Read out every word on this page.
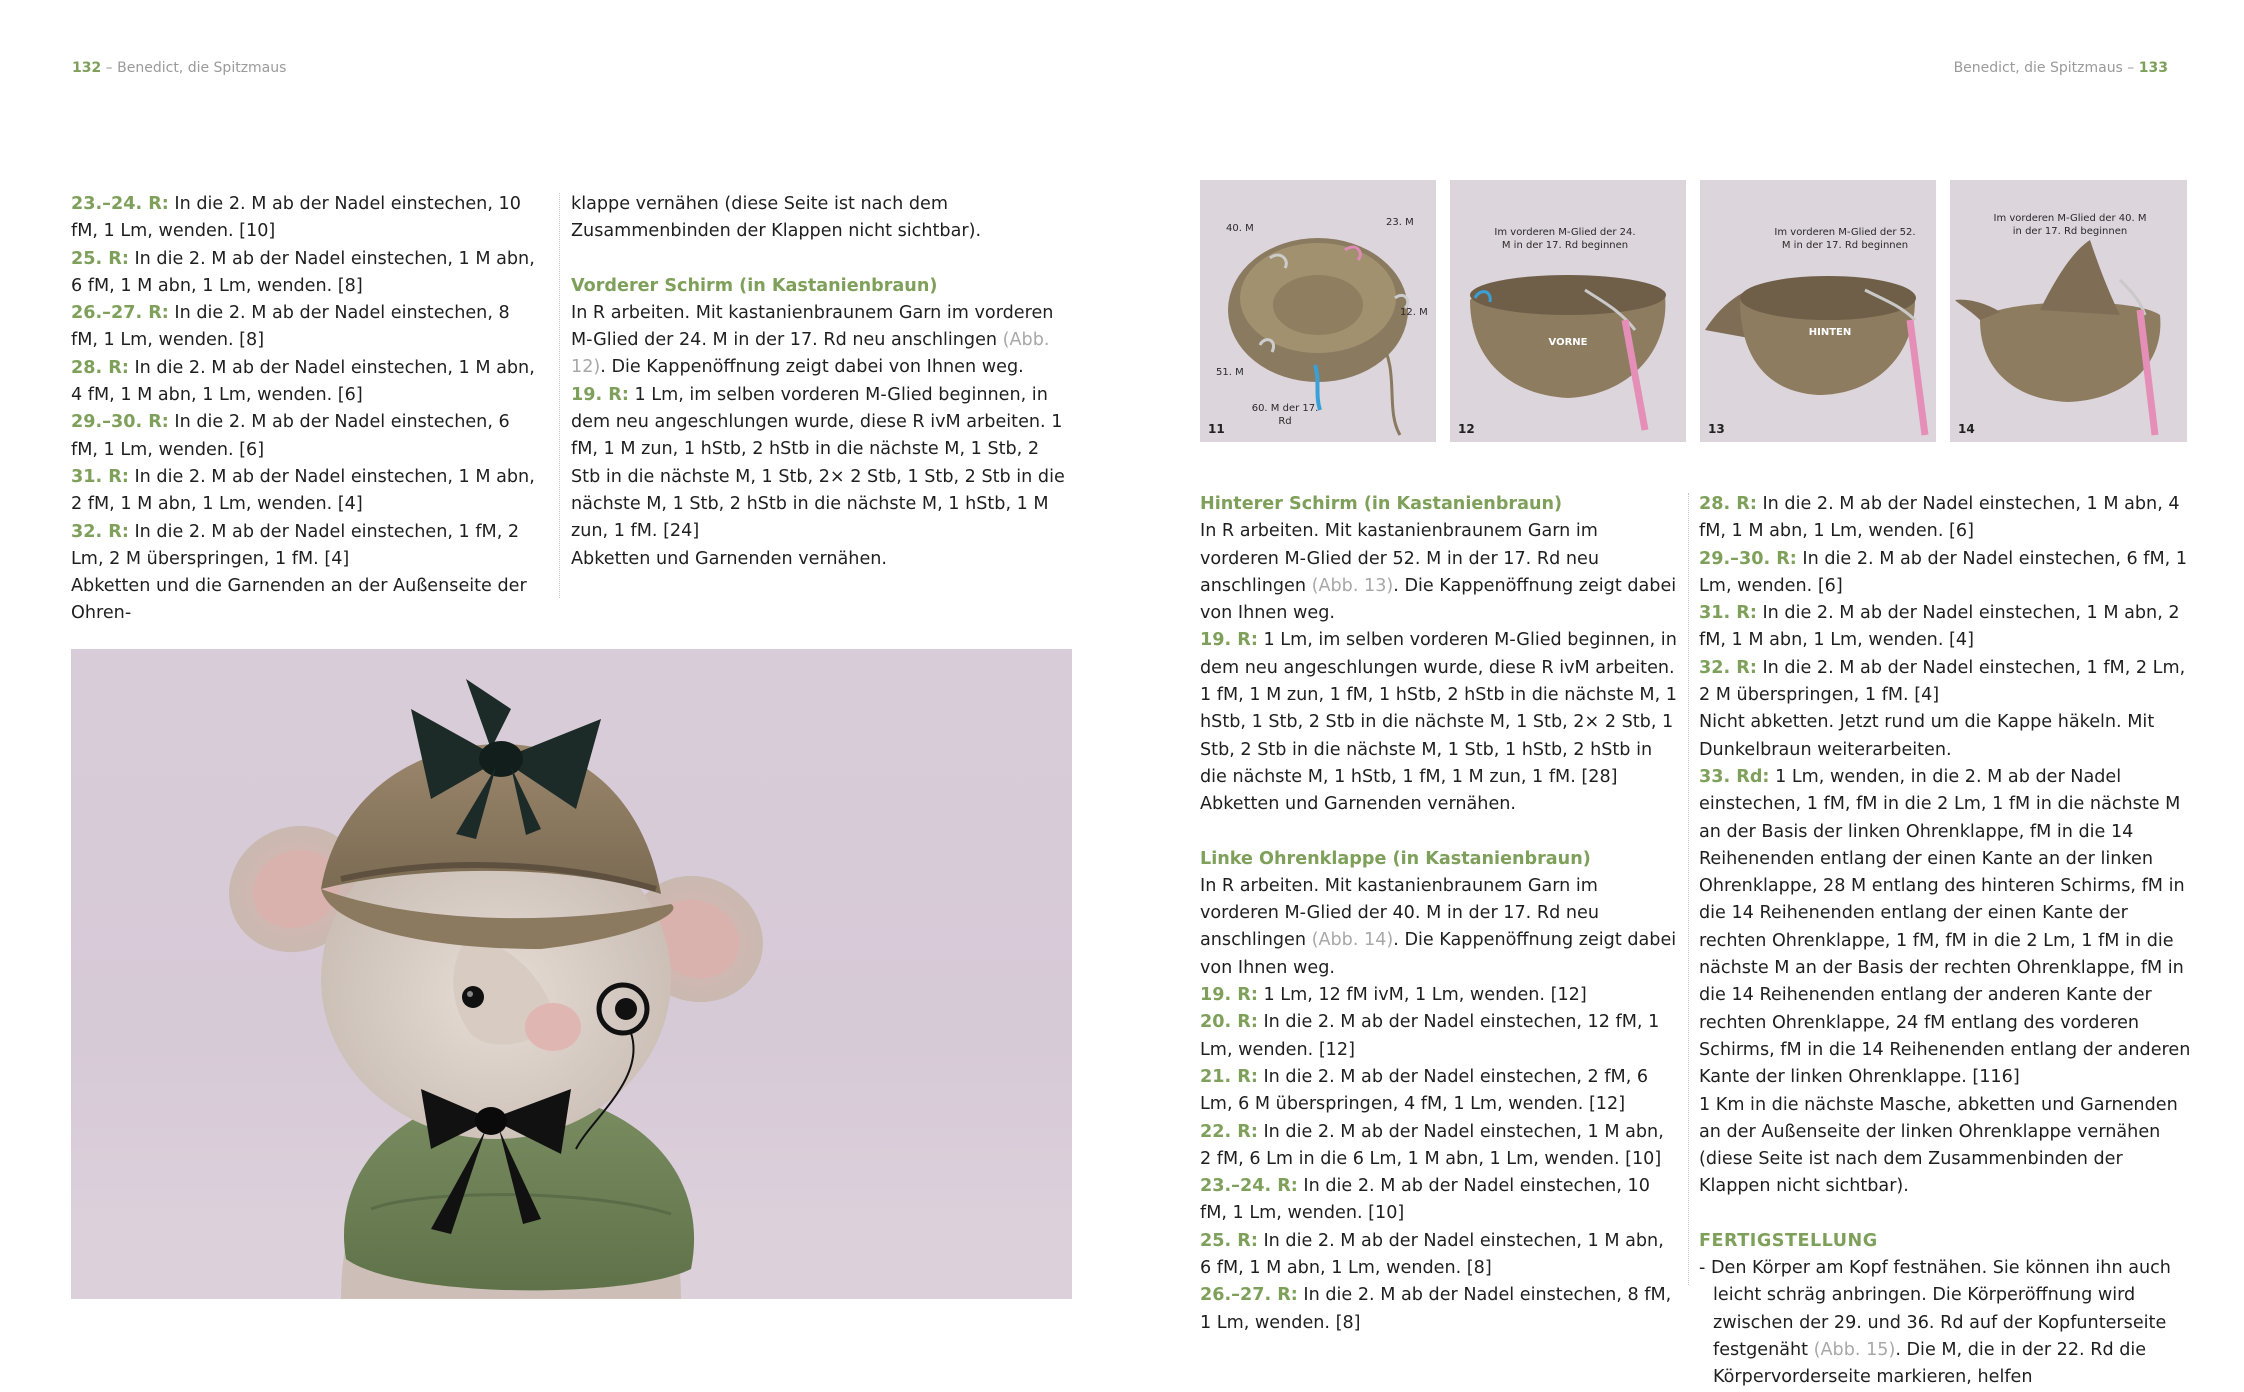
132 – Benedict, die Spitzmaus	Benedict, die Spitzmaus – 133

23.–24. R: In die 2. M ab der Nadel einstechen, 10 fM, 1 Lm, wenden. [10]

25. R: In die 2. M ab der Nadel einstechen, 1 M abn, 6 fM, 1 M abn, 1 Lm, wenden. [8]

26.–27. R: In die 2. M ab der Nadel einstechen, 8 fM, 1 Lm, wenden. [8]

28. R: In die 2. M ab der Nadel einstechen, 1 M abn, 4 fM, 1 M abn, 1 Lm, wenden. [6]

29.–30. R: In die 2. M ab der Nadel einstechen, 6 fM, 1 Lm, wenden. [6]

31. R: In die 2. M ab der Nadel einstechen, 1 M abn, 2 fM, 1 M abn, 1 Lm, wenden. [4]

32. R: In die 2. M ab der Nadel einstechen, 1 fM, 2 Lm, 2 M überspringen, 1 fM. [4]

Abketten und die Garnenden an der Außenseite der Ohren-

klappe vernähen (diese Seite ist nach dem Zusammenbinden der Klappen nicht sichtbar).

Vorderer Schirm (in Kastanienbraun)

In R arbeiten. Mit kastanienbraunem Garn im vorderen M-Glied der 24. M in der 17. Rd neu anschlingen (Abb. 12). Die Kappenöffnung zeigt dabei von Ihnen weg.

19. R: 1 Lm, im selben vorderen M-Glied beginnen, in dem neu angeschlungen wurde, diese R ivM arbeiten. 1 fM, 1 M zun, 1 hStb, 2 hStb in die nächste M, 1 Stb, 2 Stb in die nächste M, 1 Stb, 2× 2 Stb, 1 Stb, 2 Stb in die nächste M, 1 Stb, 2 hStb in die nächste M, 1 hStb, 1 M zun, 1 fM. [24]

Abketten und Garnenden vernähen.

40. M
23. M
12. M
51. M
60. M der 17. Rd
11
Im vorderen M-Glied der 24. M in der 17. Rd beginnen
VORNE
12
Im vorderen M-Glied der 52. M in der 17. Rd beginnen
HINTEN
13
Im vorderen M-Glied der 40. M in der 17. Rd beginnen
14

Hinterer Schirm (in Kastanienbraun)

In R arbeiten. Mit kastanienbraunem Garn im vorderen M-Glied der 52. M in der 17. Rd neu anschlingen (Abb. 13). Die Kappenöffnung zeigt dabei von Ihnen weg.

19. R: 1 Lm, im selben vorderen M-Glied beginnen, in dem neu angeschlungen wurde, diese R ivM arbeiten. 1 fM, 1 M zun, 1 fM, 1 hStb, 2 hStb in die nächste M, 1 hStb, 1 Stb, 2 Stb in die nächste M, 1 Stb, 2× 2 Stb, 1 Stb, 2 Stb in die nächste M, 1 Stb, 1 hStb, 2 hStb in die nächste M, 1 hStb, 1 fM, 1 M zun, 1 fM. [28]

Abketten und Garnenden vernähen.

Linke Ohrenklappe (in Kastanienbraun)

In R arbeiten. Mit kastanienbraunem Garn im vorderen M-Glied der 40. M in der 17. Rd neu anschlingen (Abb. 14). Die Kappenöffnung zeigt dabei von Ihnen weg.

19. R: 1 Lm, 12 fM ivM, 1 Lm, wenden. [12]

20. R: In die 2. M ab der Nadel einstechen, 12 fM, 1 Lm, wenden. [12]

21. R: In die 2. M ab der Nadel einstechen, 2 fM, 6 Lm, 6 M überspringen, 4 fM, 1 Lm, wenden. [12]

22. R: In die 2. M ab der Nadel einstechen, 1 M abn, 2 fM, 6 Lm in die 6 Lm, 1 M abn, 1 Lm, wenden. [10]

23.–24. R: In die 2. M ab der Nadel einstechen, 10 fM, 1 Lm, wenden. [10]

25. R: In die 2. M ab der Nadel einstechen, 1 M abn, 6 fM, 1 M abn, 1 Lm, wenden. [8]

26.–27. R: In die 2. M ab der Nadel einstechen, 8 fM, 1 Lm, wenden. [8]

28. R: In die 2. M ab der Nadel einstechen, 1 M abn, 4 fM, 1 M abn, 1 Lm, wenden. [6]

29.–30. R: In die 2. M ab der Nadel einstechen, 6 fM, 1 Lm, wenden. [6]

31. R: In die 2. M ab der Nadel einstechen, 1 M abn, 2 fM, 1 M abn, 1 Lm, wenden. [4]

32. R: In die 2. M ab der Nadel einstechen, 1 fM, 2 Lm, 2 M überspringen, 1 fM. [4]

Nicht abketten. Jetzt rund um die Kappe häkeln. Mit Dunkelbraun weiterarbeiten.

33. Rd: 1 Lm, wenden, in die 2. M ab der Nadel einstechen, 1 fM, fM in die 2 Lm, 1 fM in die nächste M an der Basis der linken Ohrenklappe, fM in die 14 Reihenenden entlang der einen Kante an der linken Ohrenklappe, 28 M entlang des hinteren Schirms, fM in die 14 Reihenenden entlang der einen Kante der rechten Ohrenklappe, 1 fM, fM in die 2 Lm, 1 fM in die nächste M an der Basis der rechten Ohrenklappe, fM in die 14 Reihenenden entlang der anderen Kante der rechten Ohrenklappe, 24 fM entlang des vorderen Schirms, fM in die 14 Reihenenden entlang der anderen Kante der linken Ohrenklappe. [116]

1 Km in die nächste Masche, abketten und Garnenden an der Außenseite der linken Ohrenklappe vernähen (diese Seite ist nach dem Zusammenbinden der Klappen nicht sichtbar).

FERTIGSTELLUNG

- Den Körper am Kopf festnähen. Sie können ihn auch leicht schräg anbringen. Die Körperöffnung wird zwischen der 29. und 36. Rd auf der Kopfunterseite festgenäht (Abb. 15). Die M, die in der 22. Rd die Körpervorderseite markieren, helfen
